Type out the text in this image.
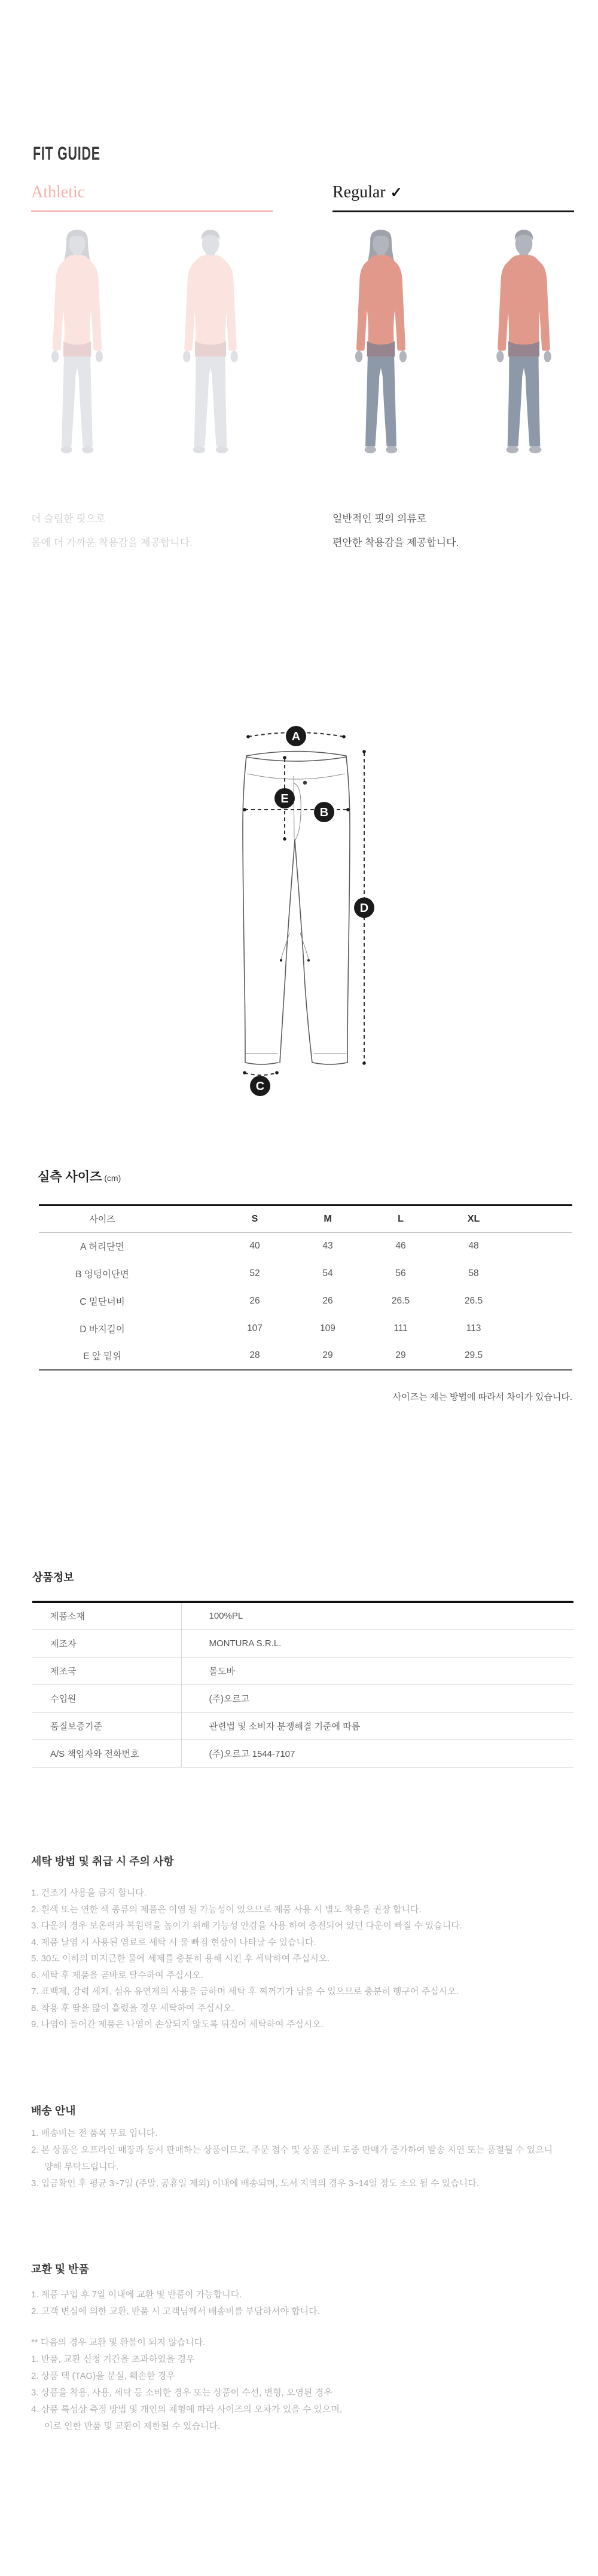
FIT GUIDE
Athletic	Regular ✓
더 슬림한 핏으로
몸에 더 가까운 착용감을 제공합니다.
일반적인 핏의 의류로
편안한 착용감을 제공합니다.
A
E
B
D
C
실측 사이즈 (cm)
사이즈		S	M	L	XL	
A 허리단면		40	43	46	48	
B 엉덩이단면		52	54	56	58	
C 밑단너비		26	26	26.5	26.5	
D 바지길이		107	109	111	113	
E 앞 밑위		28	29	29	29.5	
사이즈는 재는 방법에 따라서 차이가 있습니다.
상품정보
제품소재	100%PL
제조자	MONTURA S.R.L.
제조국	몰도바
수입원	(주)오르고
품질보증기준	관련법 및 소비자 분쟁해결 기준에 따름
A/S 책임자와 전화번호	(주)오르고 1544-7107
세탁 방법 및 취급 시 주의 사항

1. 건조기 사용을 금지 합니다.

2. 흰색 또는 연한 색 종류의 제품은 이염 될 가능성이 있으므로 제품 사용 시 별도 착용을 권장 합니다.

3. 다운의 경우 보온력과 복원력을 높이기 위해 기능성 안감을 사용 하여 충전되어 있던 다운이 빠질 수 있습니다.

4. 제품 날염 시 사용된 염료로 세탁 시 물 빠짐 현상이 나타날 수 있습니다.

5. 30도 이하의 미지근한 물에 세제를 충분히 용해 시킨 후 세탁하여 주십시오.

6. 세탁 후 제품을 곧바로 탈수하여 주십시오.

7. 표백제, 강력 세제, 섬유 유연제의 사용을 금하며 세탁 후 찌꺼기가 남을 수 있으므로 충분히 헹구어 주십시오.

8. 착용 후 땀을 많이 흘렸을 경우 세탁하여 주십시오.

9. 나염이 들어간 제품은 나염이 손상되지 않도록 뒤집어 세탁하여 주십시오.

배송 안내

1. 배송비는 전 품목 무료 입니다.

2. 본 상품은 오프라인 매장과 동시 판매하는 상품이므로, 주문 접수 및 상품 준비 도중 판매가 증가하여 발송 지연 또는 품절될 수 있으니

양해 부탁드립니다.

3. 입금확인 후 평균 3~7일 (주말, 공휴일 제외) 이내에 배송되며, 도서 지역의 경우 3~14일 정도 소요 될 수 있습니다.

교환 및 반품

1. 제품 구입 후 7일 이내에 교환 및 반품이 가능합니다.

2. 고객 변심에 의한 교환, 반품 시 고객님께서 배송비를 부담하셔야 합니다.

** 다음의 경우 교환 및 환불이 되지 않습니다.

1. 반품, 교환 신청 기간을 초과하였을 경우

2. 상품 텍 (TAG)을 분실, 훼손한 경우

3. 상품을 착용, 사용, 세탁 등 소비한 경우 또는 상품이 수선, 변형, 오염된 경우

4. 상품 특성상 측정 방법 및 개인의 체형에 따라 사이즈의 오차가 있을 수 있으며,

이로 인한 반품 및 교환이 제한될 수 있습니다.
